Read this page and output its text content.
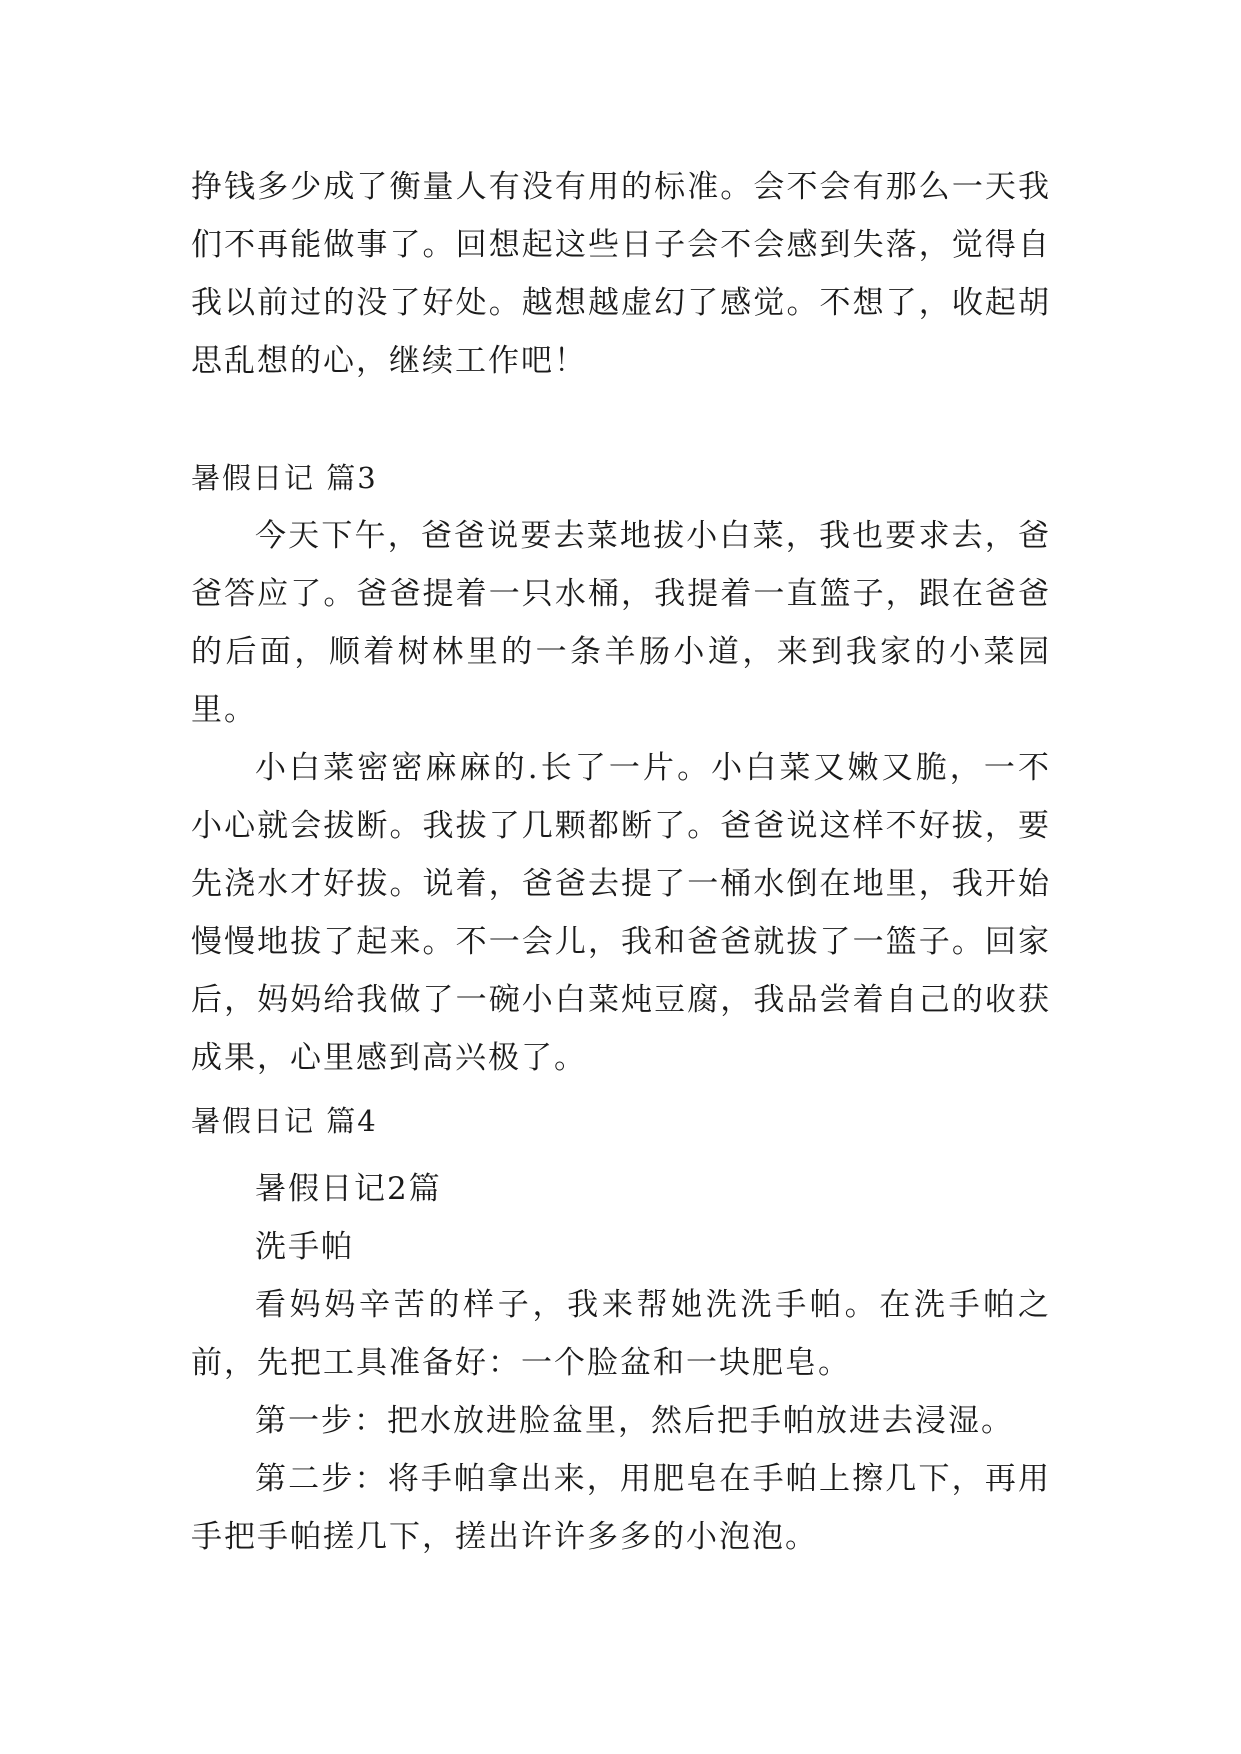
挣钱多少成了衡量人有没有用的标准。会不会有那么一天我们不再能做事了。回想起这些日子会不会感到失落，觉得自我以前过的没了好处。越想越虚幻了感觉。不想了，收起胡思乱想的心，继续工作吧！

暑假日记 篇3

今天下午，爸爸说要去菜地拔小白菜，我也要求去，爸爸答应了。爸爸提着一只水桶，我提着一直篮子，跟在爸爸的后面，顺着树林里的一条羊肠小道，来到我家的小菜园里。

小白菜密密麻麻的.长了一片。小白菜又嫩又脆，一不小心就会拔断。我拔了几颗都断了。爸爸说这样不好拔，要先浇水才好拔。说着，爸爸去提了一桶水倒在地里，我开始慢慢地拔了起来。不一会儿，我和爸爸就拔了一篮子。回家后，妈妈给我做了一碗小白菜炖豆腐，我品尝着自己的收获成果，心里感到高兴极了。

暑假日记 篇4

暑假日记2篇

洗手帕

看妈妈辛苦的样子，我来帮她洗洗手帕。在洗手帕之前，先把工具准备好：一个脸盆和一块肥皂。

第一步：把水放进脸盆里，然后把手帕放进去浸湿。

第二步：将手帕拿出来，用肥皂在手帕上擦几下，再用手把手帕搓几下，搓出许许多多的小泡泡。
